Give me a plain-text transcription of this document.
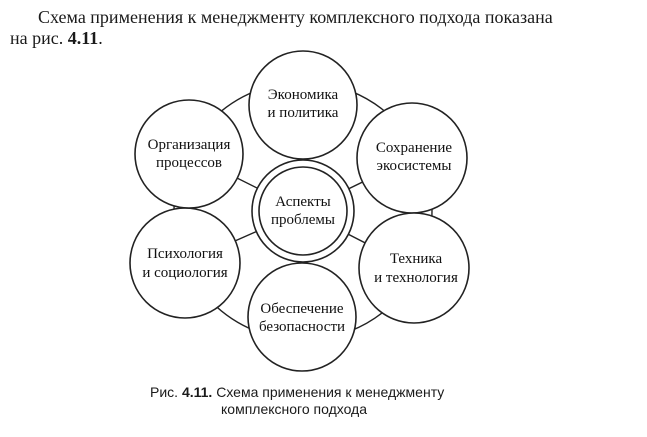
Схема применения к менеджменту комплексного подхода показана
на рис. 4.11.
Экономика
и политика
Сохранение
экосистемы
Техника
и технология
Обеспечение
безопасности
Психология
и социология
Организация
процессов
Аспекты
проблемы
Рис. 4.11. Схема применения к менеджменту
комплексного подхода
